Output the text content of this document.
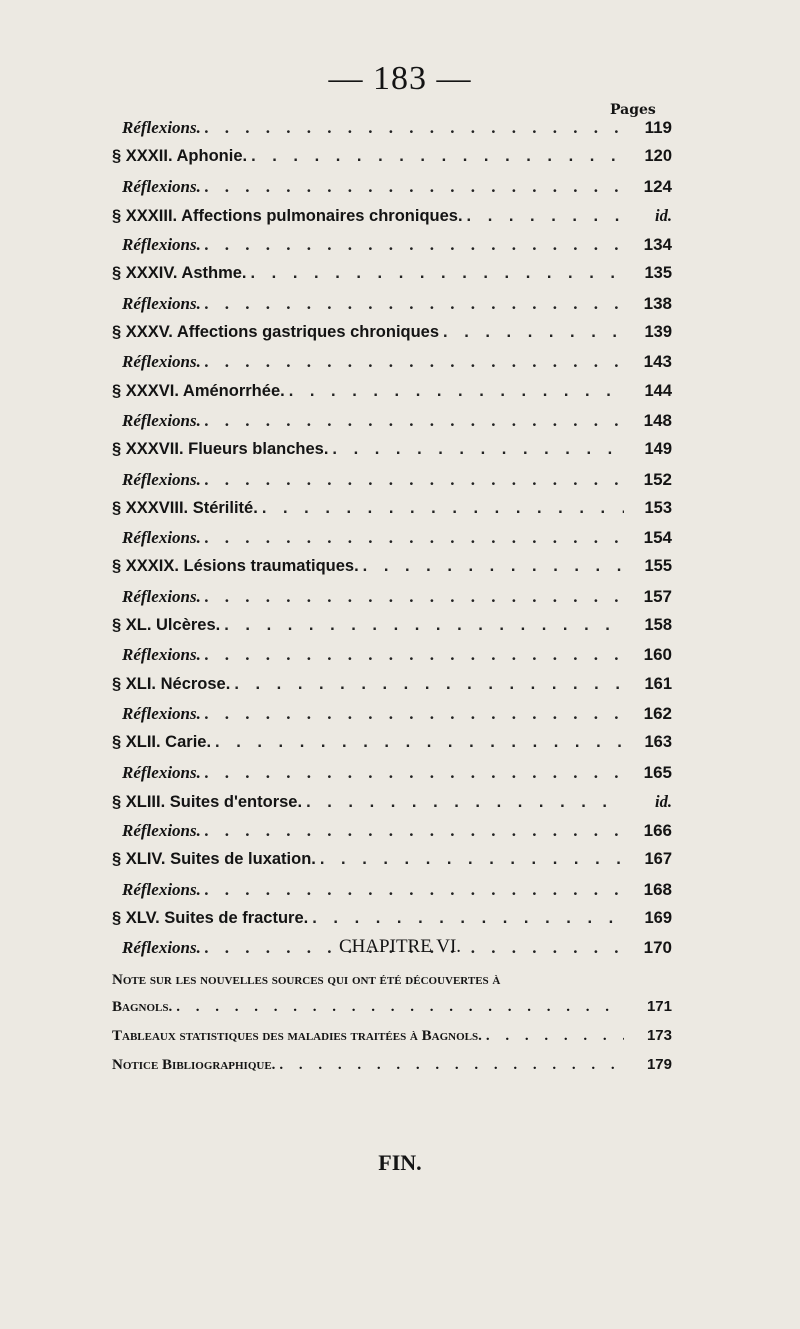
— 183 —
Pages
Réflexions. . . .	119
§ XXXII. Aphonie. . . .	120
Réflexions. . . .	124
§ XXXIII. Affections pulmonaires chroniques. . . .	id.
Réflexions. . . .	134
§ XXXIV. Asthme. . . .	135
Réflexions. . . .	138
§ XXXV. Affections gastriques chroniques . . .	139
Réflexions. . . .	143
§ XXXVI. Aménorrhée. . . .	144
Réflexions. . . .	148
§ XXXVII. Flueurs blanches. . . .	149
Réflexions. . . .	152
§ XXXVIII. Stérilité. . . .	153
Réflexions. . . .	154
§ XXXIX. Lésions traumatiques. . . .	155
Réflexions. . . .	157
§ XL. Ulcères. . . .	158
Réflexions. . . .	160
§ XLI. Nécrose. . . .	161
Réflexions. . . .	162
§ XLII. Carie. . . .	163
Réflexions. . . .	165
§ XLIII. Suites d'entorse. . . .	id.
Réflexions. . . .	166
§ XLIV. Suites de luxation. . . .	167
Réflexions. . . .	168
§ XLV. Suites de fracture. . . .	169
Réflexions. . . .	170
CHAPITRE VI.
Note sur les nouvelles sources qui ont été découvertes à
Bagnols. . . .	171
Tableaux statistiques des maladies traitées à Bagnols. . . .	173
Notice Bibliographique. . . .	179
FIN.
